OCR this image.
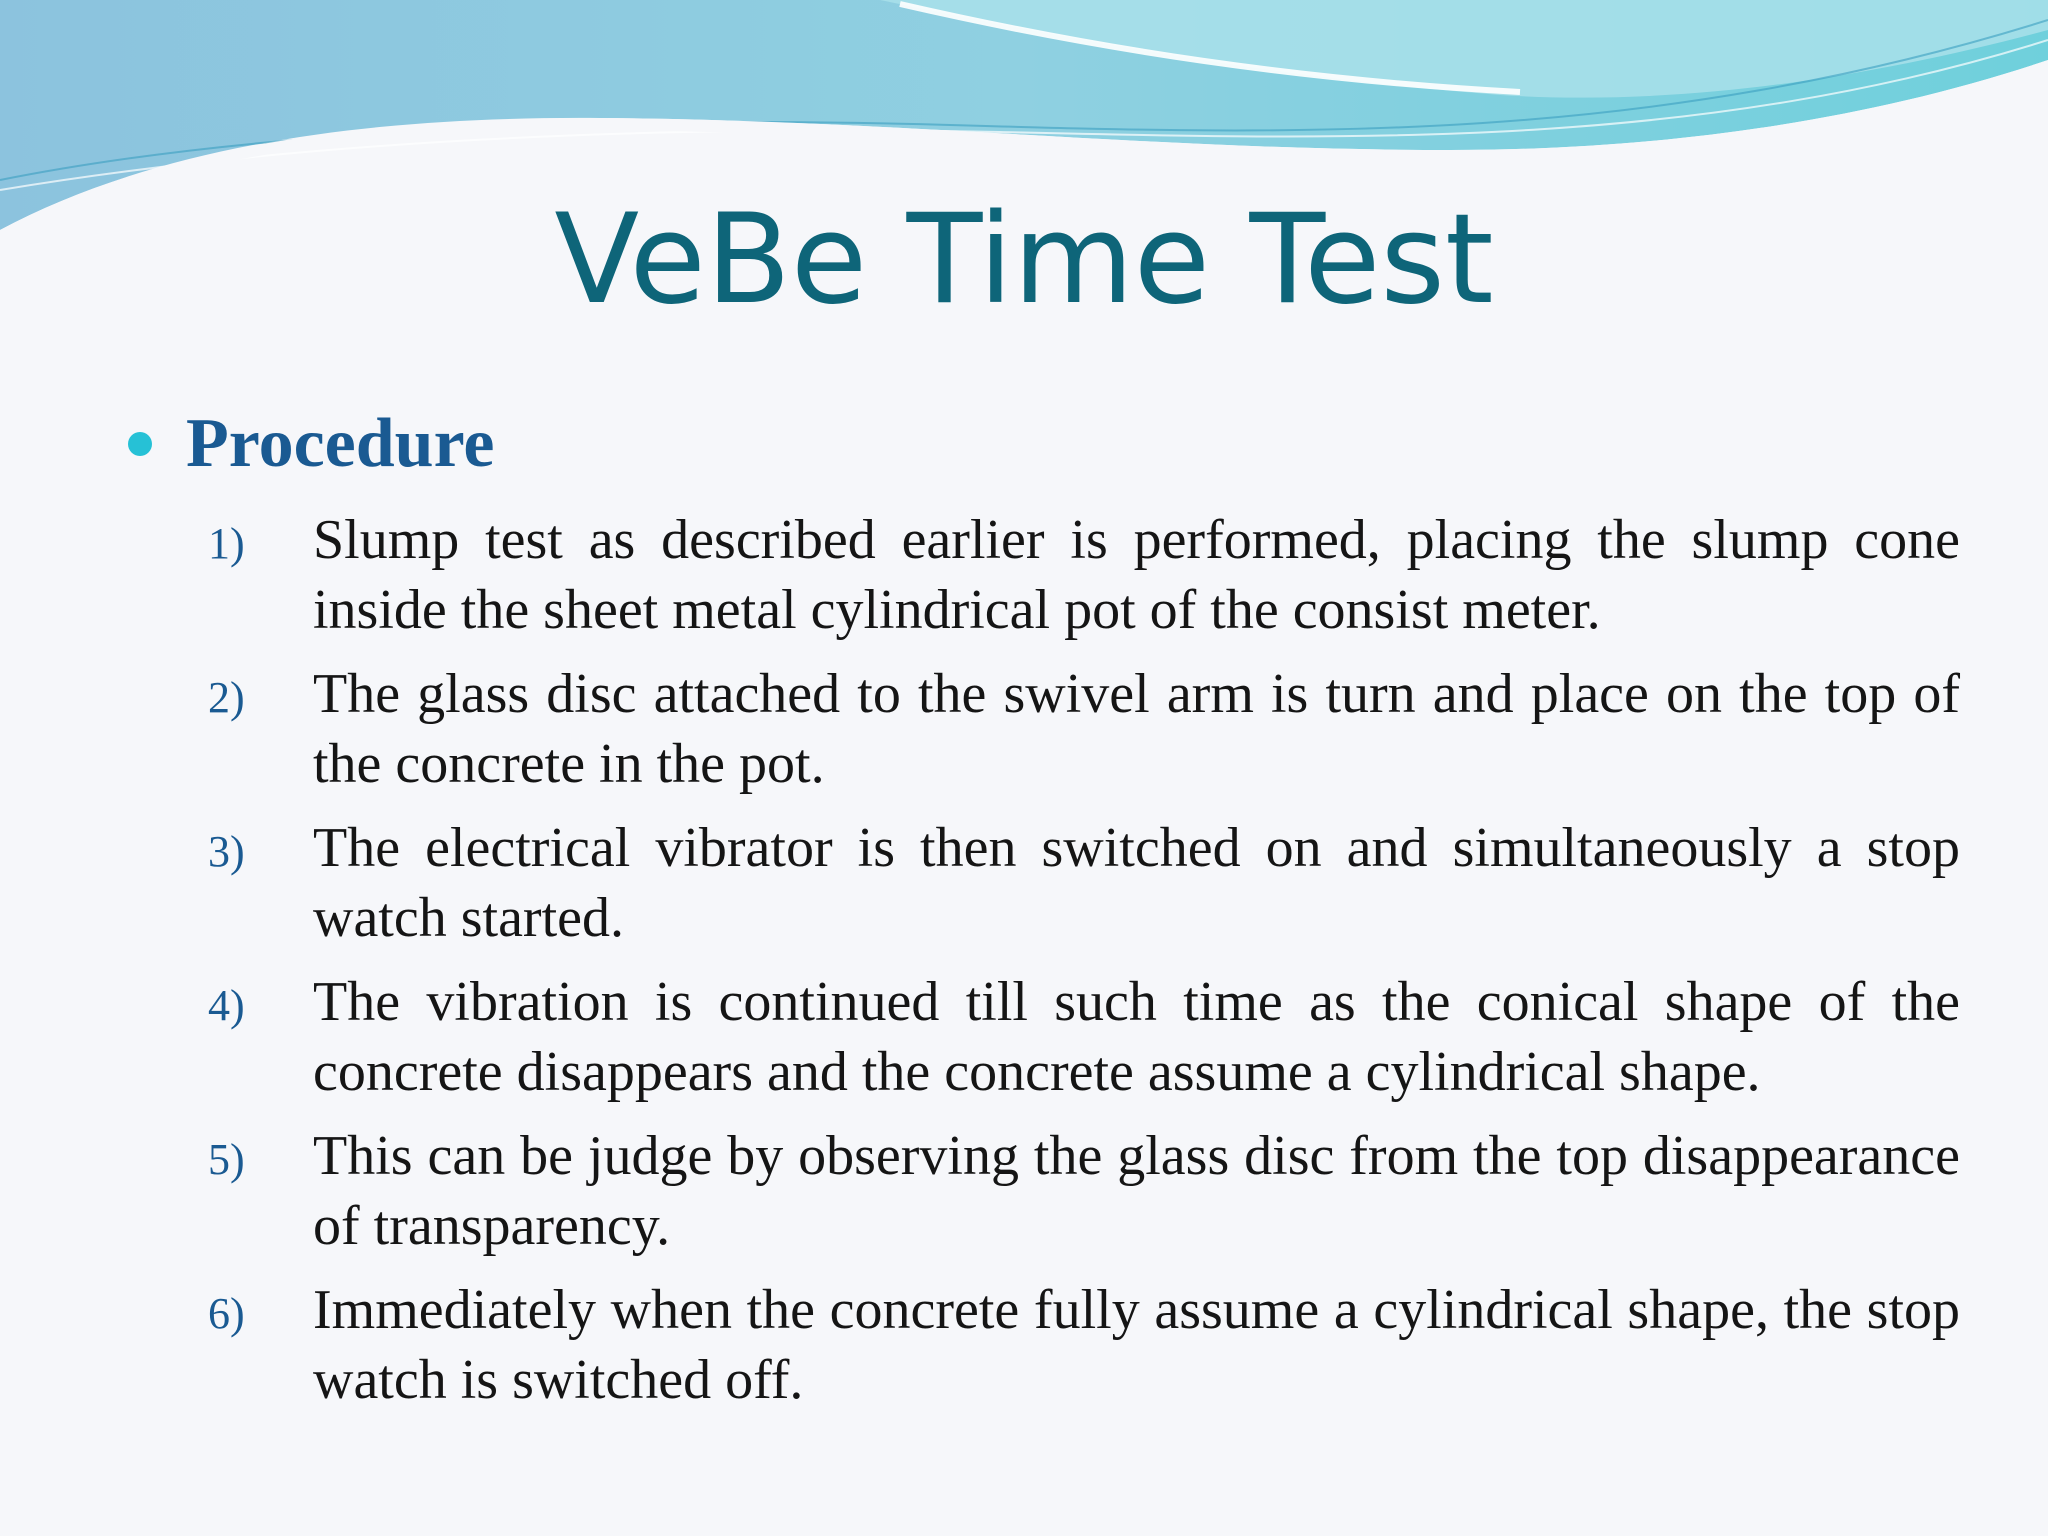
VeBe Time Test
Procedure
1)	Slump test as described earlier is performed, placing the slump cone inside the sheet metal cylindrical pot of the consist meter.
2)	The glass disc attached to the swivel arm is turn and place on the top of the concrete in the pot.
3)	The electrical vibrator is then switched on and simultaneously a stop watch started.
4)	The vibration is continued till such time as the conical shape of the concrete disappears and the concrete assume a cylindrical shape.
5)	This can be judge by observing the glass disc from the top disappearance of transparency.
6)	Immediately when the concrete fully assume a cylindrical shape, the stop watch is switched off.
